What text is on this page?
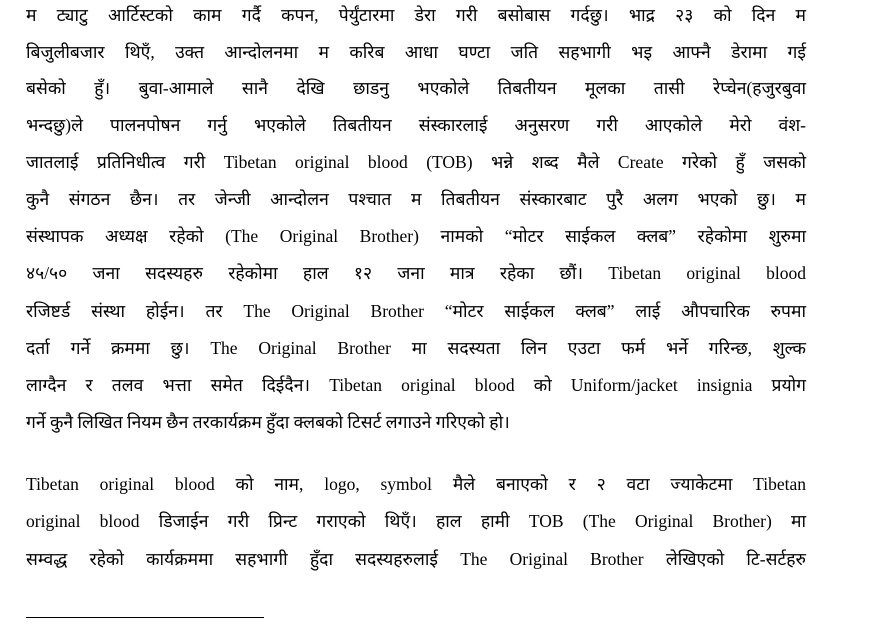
म ट्याटु आर्टिस्टको काम गर्दै कपन, पेर्युंटारमा डेरा गरी बसोबास गर्दछु। भाद्र २३ को दिन म
बिजुलीबजार थिएँ, उक्त आन्दोलनमा म करिब आधा घण्टा जति सहभागी भइ आफ्नै डेरामा गई
बसेको हुँ। बुवा-आमाले सानै देखि छाडनु भएकोले तिबतीयन मूलका तासी रेप्चेन(हजुरबुवा
भन्दछु)ले पालनपोषन गर्नु भएकोले तिबतीयन संस्कारलाई अनुसरण गरी आएकोले मेरो वंश-
जातलाई प्रतिनिधीत्व गरी Tibetan original blood (TOB) भन्ने शब्द मैले Create गरेको हुँ जसको
कुनै संगठन छैन। तर जेन्जी आन्दोलन पश्चात म तिबतीयन संस्कारबाट पुरै अलग भएको छु। म
संस्थापक अध्यक्ष रहेको (The Original Brother) नामको “मोटर साईकल क्लब” रहेकोमा शुरुमा
४५/५० जना सदस्यहरु रहेकोमा हाल १२ जना मात्र रहेका छौं। Tibetan original blood
रजिष्टर्ड संस्था होईन। तर The Original Brother “मोटर साईकल क्लब” लाई औपचारिक रुपमा
दर्ता गर्ने क्रममा छु। The Original Brother मा सदस्यता लिन एउटा फर्म भर्ने गरिन्छ, शुल्क
लाग्दैन र तलव भत्ता समेत दिईदैन। Tibetan original blood को Uniform/jacket insignia प्रयोग
गर्ने कुनै लिखित नियम छैन तरकार्यक्रम हुँदा क्लबको टिसर्ट लगाउने गरिएको हो।
Tibetan original blood को नाम, logo, symbol मैले बनाएको र २ वटा ज्याकेटमा Tibetan
original blood डिजाईन गरी प्रिन्ट गराएको थिएँ। हाल हामी TOB (The Original Brother) मा
सम्वद्ध रहेको कार्यक्रममा सहभागी हुँदा सदस्यहरुलाई The Original Brother लेखिएको टि-सर्टहरु
